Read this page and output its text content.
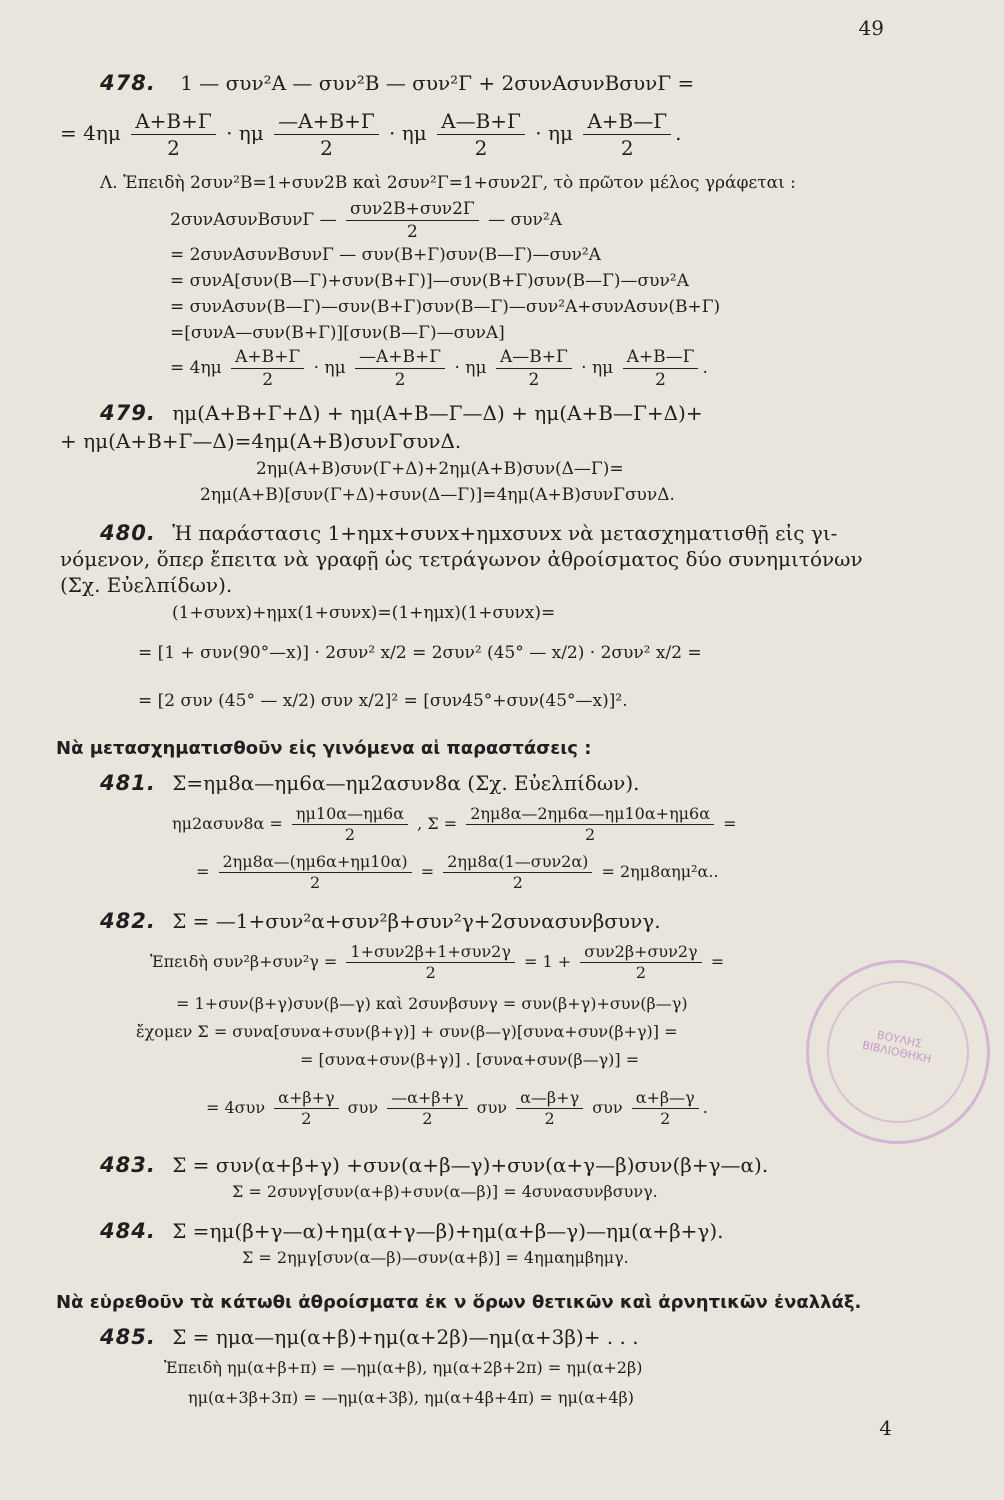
49
478. 1 — συν²Α — συν²Β — συν²Γ + 2συνΑσυνΒσυνΓ =
= $4\eta\mu \frac{A+B+\Gamma}{2} \cdot \eta\mu \frac{—A+B+\Gamma}{2} \cdot \eta\mu \frac{A—B+\Gamma}{2} \cdot \eta\mu \frac{A+B—\Gamma}{2}$ .
Λ. Ἐπειδὴ 2συν²Β=1+συν2Β καὶ 2συν²Γ=1+συν2Γ, τὸ πρῶτον μέλος γράφεται :
2συνΑσυνΒσυνΓ — $\frac{\text{συν2Β+συν2Γ}}{2}$ — συν²Α
= 2συνΑσυνΒσυνΓ — συν(Β+Γ)συν(Β—Γ)—συν²Α
= συνΑ[συν(Β—Γ)+συν(Β+Γ)]—συν(Β+Γ)συν(Β—Γ)—συν²Α
= συνΑσυν(Β—Γ)—συν(Β+Γ)συν(Β—Γ)—συν²Α+συνΑσυν(Β+Γ)
=[συνΑ—συν(Β+Γ)][συν(Β—Γ)—συνΑ]
= $4\eta\mu \frac{A+B+\Gamma}{2} \cdot \eta\mu \frac{—A+B+\Gamma}{2} \cdot \eta\mu \frac{A—B+\Gamma}{2} \cdot \eta\mu \frac{A+B—\Gamma}{2}$ .
479. ημ(Α+Β+Γ+Δ) + ημ(Α+Β—Γ—Δ) + ημ(Α+Β—Γ+Δ)+
+ ημ(Α+Β+Γ—Δ)=4ημ(Α+Β)συνΓσυνΔ.
2ημ(Α+Β)συν(Γ+Δ)+2ημ(Α+Β)συν(Δ—Γ)=
2ημ(Α+Β)[συν(Γ+Δ)+συν(Δ—Γ)]=4ημ(Α+Β)συνΓσυνΔ.
480. Ἡ παράστασις 1+ημx+συνx+ημxσυνx νὰ μετασχηματισθῇ εἰς γι-
νόμενον, ὅπερ ἔπειτα νὰ γραφῇ ὡς τετράγωνον ἀθροίσματος δύο συνημιτόνων
(Σχ. Εὐελπίδων).
(1+συνx)+ημx(1+συνx)=(1+ημx)(1+συνx)=
= [1 + συν(90°—x)] · 2συν² x/2 = 2συν² (45° — x/2) · 2συν² x/2 =
= [2 συν (45° — x/2) συν x/2]² = [συν45°+συν(45°—x)]².
Νὰ μετασχηματισθοῦν εἰς γινόμενα αἱ παραστάσεις :
481. Σ=ημ8α—ημ6α—ημ2ασυν8α (Σχ. Εὐελπίδων).
$\eta\mu 2\alpha\sigma\upsilon\nu 8\alpha = \frac{\eta\mu 10\alpha—\eta\mu 6\alpha}{2}$ , $\Sigma = \frac{2\eta\mu 8\alpha—2\eta\mu 6\alpha—\eta\mu 10\alpha+\eta\mu 6\alpha}{2}$ =
= $\frac{2\eta\mu 8\alpha—(\eta\mu 6\alpha+\eta\mu 10\alpha)}{2} = \frac{\text{2ημ8α(1—συν2α)}}{2} = 2\eta\mu 8\alpha\eta\mu^2\alpha$..
482. Σ = —1+συν²α+συν²β+συν²γ+2συνασυνβσυνγ.
Ἐπειδὴ $\sigma\upsilon\nu^2\beta+\sigma\upsilon\nu^2\gamma = \frac{\text{1+συν2β+1+συν2γ}}{2} = 1 + \frac{\text{συν2β+συν2γ}}{2}$ =
= 1+συν(β+γ)συν(β—γ) καὶ 2συνβσυνγ = συν(β+γ)+συν(β—γ)
ἔχομεν Σ = συνα[συνα+συν(β+γ)] + συν(β—γ)[συνα+συν(β+γ)] =
= [συνα+συν(β+γ)] . [συνα+συν(β—γ)] =
= $4\sigma\upsilon\nu \frac{\alpha+\beta+\gamma}{2}$ συν $\frac{—\alpha+\beta+\gamma}{2}$ συν $\frac{\alpha—\beta+\gamma}{2}$ συν $\frac{\alpha+\beta—\gamma}{2}$ .
483. Σ = συν(α+β+γ) +συν(α+β—γ)+συν(α+γ—β)συν(β+γ—α).
Σ = 2συνγ[συν(α+β)+συν(α—β)] = 4συνασυνβσυνγ.
484. Σ =ημ(β+γ—α)+ημ(α+γ—β)+ημ(α+β—γ)—ημ(α+β+γ).
Σ = 2ημγ[συν(α—β)—συν(α+β)] = 4ημαημβημγ.
Νὰ εὑρεθοῦν τὰ κάτωθι ἀθροίσματα ἐκ ν ὅρων θετικῶν καὶ ἀρνητικῶν ἐναλλάξ.
485. Σ = ημα—ημ(α+β)+ημ(α+2β)—ημ(α+3β)+ . . .
Ἐπειδὴ ημ(α+β+π) = —ημ(α+β), ημ(α+2β+2π) = ημ(α+2β)
ημ(α+3β+3π) = —ημ(α+3β), ημ(α+4β+4π) = ημ(α+4β)
4
ΒΟΥΛΗΣ ΒΙΒΛΙΟΘΗΚΗ
